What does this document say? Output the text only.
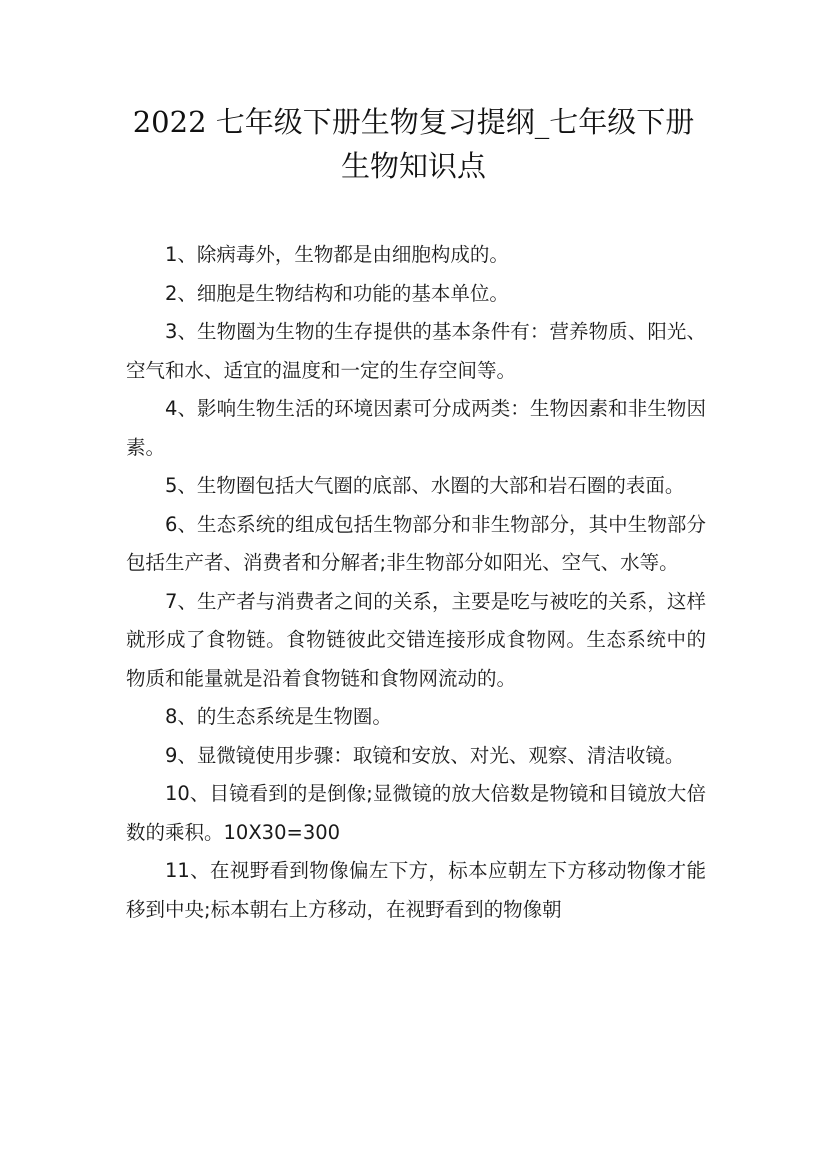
2022 七年级下册生物复习提纲_七年级下册
生物知识点

1、除病毒外，生物都是由细胞构成的。

2、细胞是生物结构和功能的基本单位。

3、生物圈为生物的生存提供的基本条件有：营养物质、阳光、空气和水、适宜的温度和一定的生存空间等。

4、影响生物生活的环境因素可分成两类：生物因素和非生物因素。

5、生物圈包括大气圈的底部、水圈的大部和岩石圈的表面。

6、生态系统的组成包括生物部分和非生物部分，其中生物部分包括生产者、消费者和分解者;非生物部分如阳光、空气、水等。

7、生产者与消费者之间的关系，主要是吃与被吃的关系，这样就形成了食物链。食物链彼此交错连接形成食物网。生态系统中的物质和能量就是沿着食物链和食物网流动的。

8、的生态系统是生物圈。

9、显微镜使用步骤：取镜和安放、对光、观察、清洁收镜。

10、目镜看到的是倒像;显微镜的放大倍数是物镜和目镜放大倍数的乘积。10X30=300

11、在视野看到物像偏左下方，标本应朝左下方移动物像才能移到中央;标本朝右上方移动，在视野看到的物像朝
